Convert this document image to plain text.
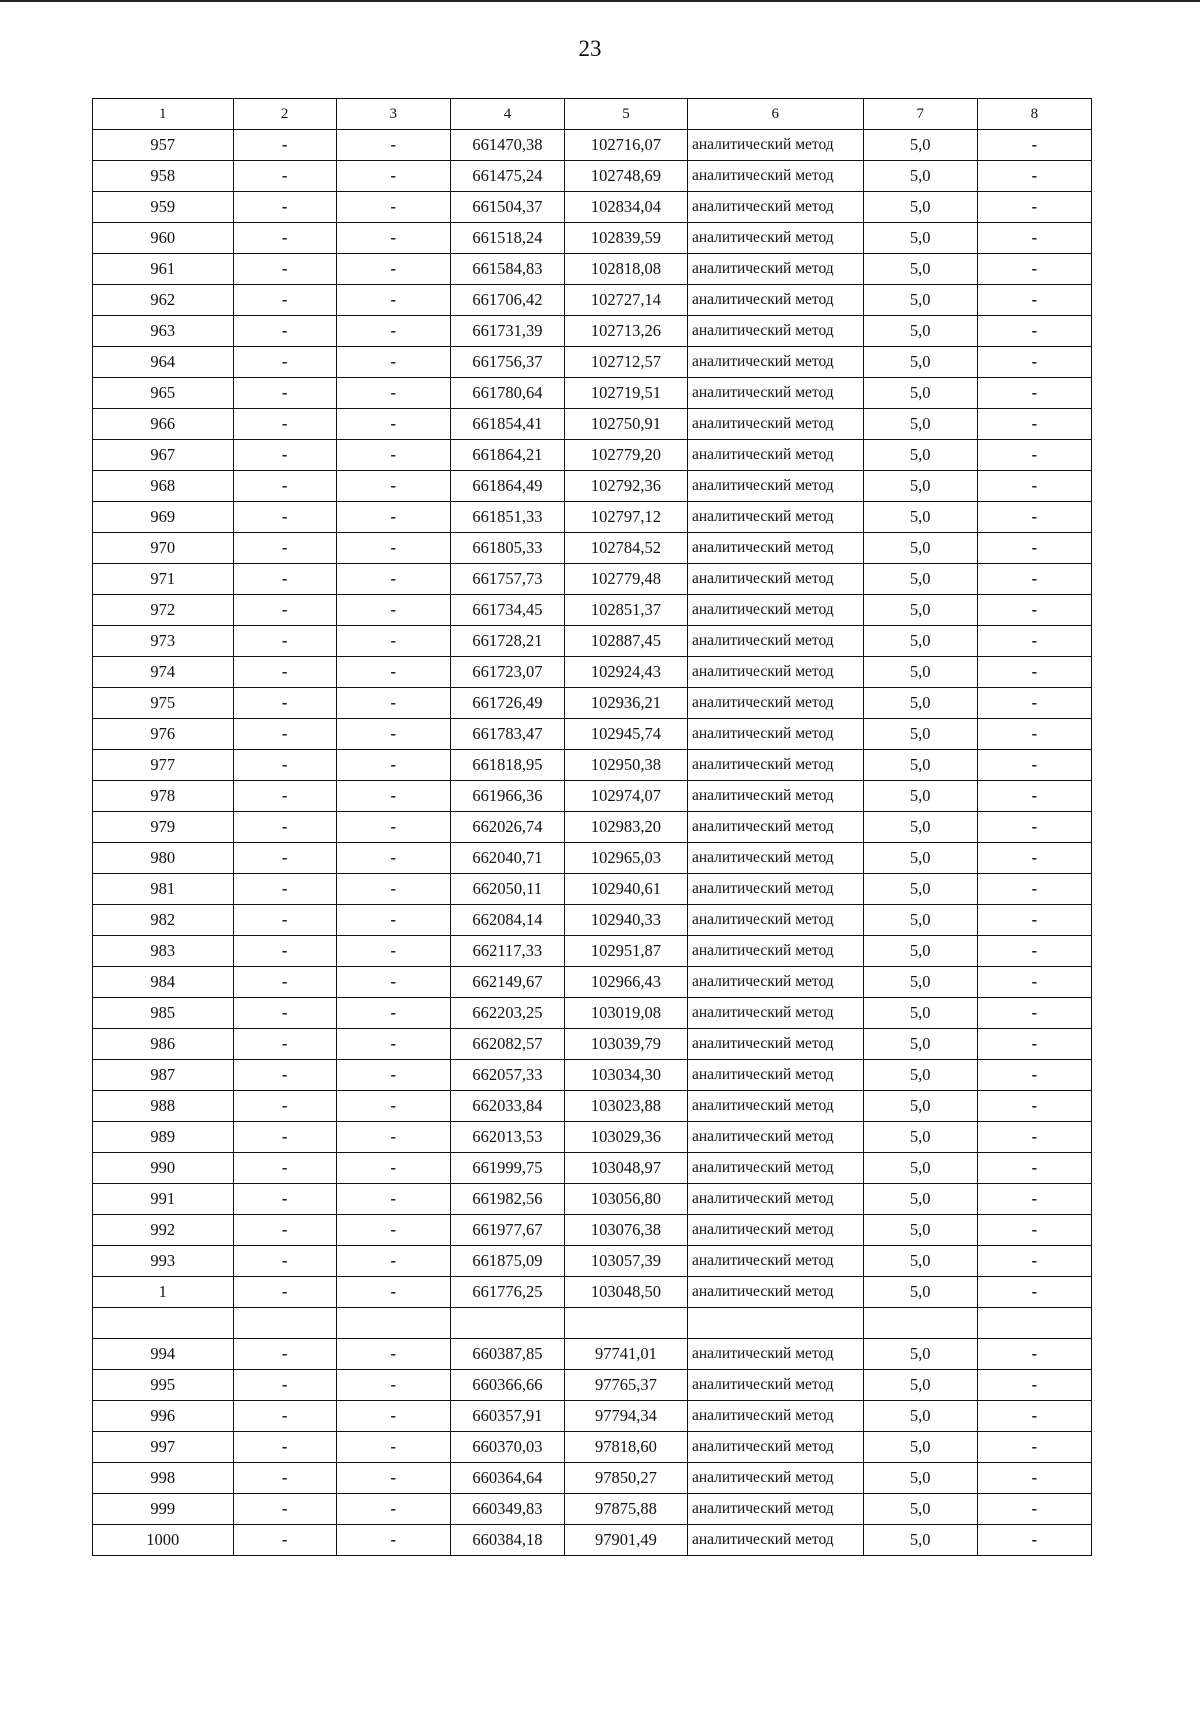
23
1	2	3	4	5	6	7	8
957	-	-	661470,38	102716,07	аналитический метод	5,0	-
958	-	-	661475,24	102748,69	аналитический метод	5,0	-
959	-	-	661504,37	102834,04	аналитический метод	5,0	-
960	-	-	661518,24	102839,59	аналитический метод	5,0	-
961	-	-	661584,83	102818,08	аналитический метод	5,0	-
962	-	-	661706,42	102727,14	аналитический метод	5,0	-
963	-	-	661731,39	102713,26	аналитический метод	5,0	-
964	-	-	661756,37	102712,57	аналитический метод	5,0	-
965	-	-	661780,64	102719,51	аналитический метод	5,0	-
966	-	-	661854,41	102750,91	аналитический метод	5,0	-
967	-	-	661864,21	102779,20	аналитический метод	5,0	-
968	-	-	661864,49	102792,36	аналитический метод	5,0	-
969	-	-	661851,33	102797,12	аналитический метод	5,0	-
970	-	-	661805,33	102784,52	аналитический метод	5,0	-
971	-	-	661757,73	102779,48	аналитический метод	5,0	-
972	-	-	661734,45	102851,37	аналитический метод	5,0	-
973	-	-	661728,21	102887,45	аналитический метод	5,0	-
974	-	-	661723,07	102924,43	аналитический метод	5,0	-
975	-	-	661726,49	102936,21	аналитический метод	5,0	-
976	-	-	661783,47	102945,74	аналитический метод	5,0	-
977	-	-	661818,95	102950,38	аналитический метод	5,0	-
978	-	-	661966,36	102974,07	аналитический метод	5,0	-
979	-	-	662026,74	102983,20	аналитический метод	5,0	-
980	-	-	662040,71	102965,03	аналитический метод	5,0	-
981	-	-	662050,11	102940,61	аналитический метод	5,0	-
982	-	-	662084,14	102940,33	аналитический метод	5,0	-
983	-	-	662117,33	102951,87	аналитический метод	5,0	-
984	-	-	662149,67	102966,43	аналитический метод	5,0	-
985	-	-	662203,25	103019,08	аналитический метод	5,0	-
986	-	-	662082,57	103039,79	аналитический метод	5,0	-
987	-	-	662057,33	103034,30	аналитический метод	5,0	-
988	-	-	662033,84	103023,88	аналитический метод	5,0	-
989	-	-	662013,53	103029,36	аналитический метод	5,0	-
990	-	-	661999,75	103048,97	аналитический метод	5,0	-
991	-	-	661982,56	103056,80	аналитический метод	5,0	-
992	-	-	661977,67	103076,38	аналитический метод	5,0	-
993	-	-	661875,09	103057,39	аналитический метод	5,0	-
1	-	-	661776,25	103048,50	аналитический метод	5,0	-

994	-	-	660387,85	97741,01	аналитический метод	5,0	-
995	-	-	660366,66	97765,37	аналитический метод	5,0	-
996	-	-	660357,91	97794,34	аналитический метод	5,0	-
997	-	-	660370,03	97818,60	аналитический метод	5,0	-
998	-	-	660364,64	97850,27	аналитический метод	5,0	-
999	-	-	660349,83	97875,88	аналитический метод	5,0	-
1000	-	-	660384,18	97901,49	аналитический метод	5,0	-
